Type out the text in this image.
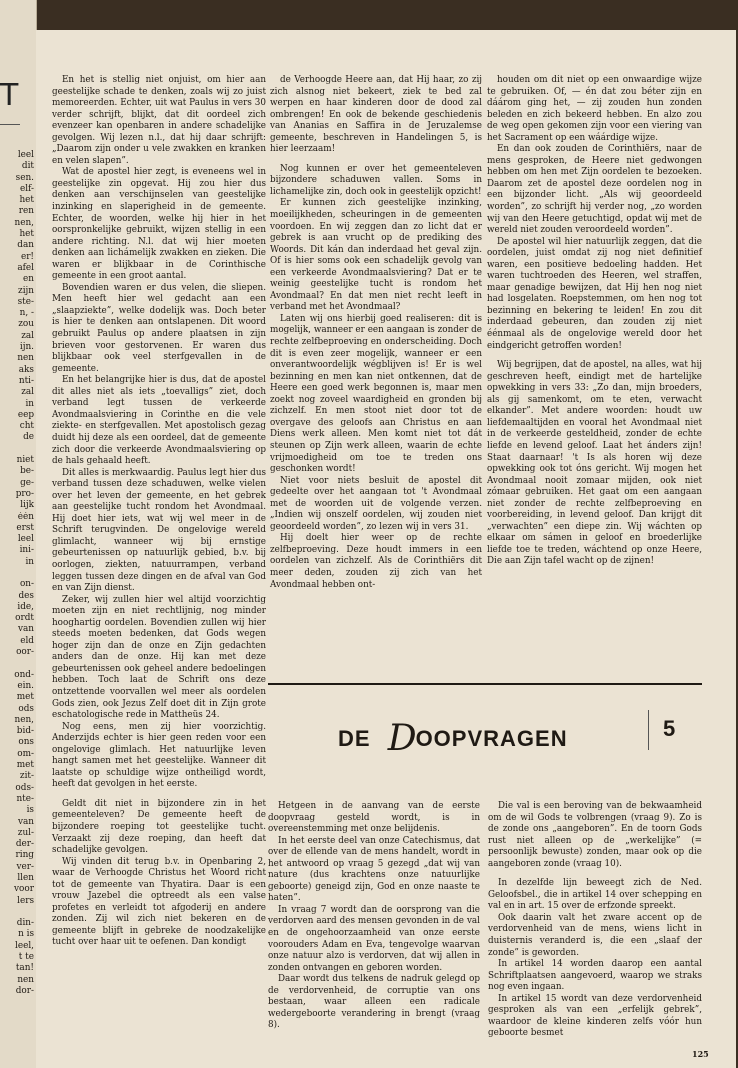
T
leel
dit
sen.
elf-
het
ren
nen,
het
dan
er!
afel
en
zijn
ste-
n, -
zou
zal
ijn.
nen
aks
nti-
zal
in
eep
cht
de

niet
be-
ge-
pro-
lijk
één
erst
leel
ini-
in

on-
des
ide,
ordt
van
eld
oor-

ond-
ein.
met
ods
nen,
bid-
ons
om-
met
zit-
ods-
nte-
is
van
zul-
der-
ring
ver-
llen
voor
lers

din-
n is
leel,
t te
tan!
nen
dor-

En het is stellig niet onjuist, om hier aan geestelijke schade te denken, zoals wij zo juist memoreerden. Echter, uit wat Paulus in vers 30 verder schrijft, blijkt, dat dit oordeel zich evenzeer kan openbaren in andere schadelijke gevolgen. Wij lezen n.l., dat hij daar schrijft: „Daarom zijn onder u vele zwakken en kranken en velen slapen”.

Wat de apostel hier zegt, is eveneens wel in geestelijke zin opgevat. Hij zou hier dus denken aan verschijnselen van geestelijke inzinking en slaperigheid in de gemeente. Echter, de woorden, welke hij hier in het oorspronkelijke gebruikt, wijzen stellig in een andere richting. N.l. dat wij hier moeten denken aan lichámelijk zwakken en zieken. Die waren er blijkbaar in de Corinthische gemeente in een groot aantal.

Bovendien waren er dus velen, die sliepen. Men heeft hier wel gedacht aan een „slaapziekte”, welke dodelijk was. Doch beter is hier te denken aan ontslapenen. Dit woord gebruikt Paulus op andere plaatsen in zijn brieven voor gestorvenen. Er waren dus blijkbaar ook veel sterfgevallen in de gemeente.

En het belangrijke hier is dus, dat de apostel dit alles niet als iets „toevalligs” ziet, doch verband legt tussen de verkeerde Avondmaalsviering in Corinthe en die vele ziekte- en sterfgevallen. Met apostolisch gezag duidt hij deze als een oordeel, dat de gemeente zich door die verkeerde Avondmaalsviering op de hals gehaald heeft.

Dit alles is merkwaardig. Paulus legt hier dus verband tussen deze schaduwen, welke vielen over het leven der gemeente, en het gebrek aan geestelijke tucht rondom het Avondmaal. Hij doet hier iets, wat wij wel meer in de Schrift terugvinden. De ongelovige wereld glimlacht, wanneer wij bij ernstige gebeurtenissen op natuurlijk gebied, b.v. bij oorlogen, ziekten, natuurrampen, verband leggen tussen deze dingen en de afval van God en van Zijn dienst.

Zeker, wij zullen hier wel altijd voorzichtig moeten zijn en niet rechtlijnig, nog minder hooghartig oordelen. Bovendien zullen wij hier steeds moeten bedenken, dat Gods wegen hoger zijn dan de onze en Zijn gedachten anders dan de onze. Hij kan met deze gebeurtenissen ook geheel andere bedoelingen hebben. Toch laat de Schrift ons deze ontzettende voorvallen wel meer als oordelen Gods zien, ook Jezus Zelf doet dit in Zijn grote eschatologische rede in Mattheüs 24.

Nog eens, men zij hier voorzichtig. Anderzijds echter is hier geen reden voor een ongelovige glimlach. Het natuurlijke leven hangt samen met het geestelijke. Wanneer dit laatste op schuldige wijze ontheiligd wordt, heeft dat gevolgen in het eerste.

Geldt dit niet in bijzondere zin in het gemeenteleven? De gemeente heeft de bijzondere roeping tot geestelijke tucht. Verzaakt zij deze roeping, dan heeft dat schadelijke gevolgen.

Wij vinden dit terug b.v. in Openbaring 2, waar de Verhoogde Christus het Woord richt tot de gemeente van Thyatira. Daar is een vrouw Jazebel die optreedt als een valse profetes en verleidt tot afgoderij en andere zonden. Zij wil zich niet bekeren en de gemeente blijft in gebreke de noodzakelijke tucht over haar uit te oefenen. Dan kondigt

de Verhoogde Heere aan, dat Hij haar, zo zij zich alsnog niet bekeert, ziek te bed zal werpen en haar kinderen door de dood zal ombrengen! En ook de bekende geschiedenis van Ananias en Saffira in de Jeruzalemse gemeente, beschreven in Handelingen 5, is hier leerzaam!

Nog kunnen er over het gemeenteleven bijzondere schaduwen vallen. Soms in lichamelijke zin, doch ook in geestelijk opzicht!

Er kunnen zich geestelijke inzinking, moeilijkheden, scheuringen in de gemeenten voordoen. En wij zeggen dan zo licht dat er gebrek is aan vrucht op de prediking des Woords. Dit kán dan inderdaad het geval zijn. Of is hier soms ook een schadelijk gevolg van een verkeerde Avondmaalsviering? Dat er te weinig geestelijke tucht is rondom het Avondmaal? En dat men niet recht leeft in verband met het Avondmaal?

Laten wij ons hierbij goed realiseren: dit is mogelijk, wanneer er een aangaan is zonder de rechte zelfbeproeving en onderscheiding. Doch dit is even zeer mogelijk, wanneer er een onverantwoordelijk wégblijven is! Er is wel bezinning en men kan niet ontkennen, dat de Heere een goed werk begonnen is, maar men zoekt nog zoveel waardigheid en gronden bij zichzelf. En men stoot niet door tot de overgave des geloofs aan Christus en aan Diens werk alleen. Men komt niet tot dát steunen op Zijn werk alleen, waarin de echte vrijmoedigheid om toe te treden ons geschonken wordt!

Niet voor niets besluit de apostel dit gedeelte over het aangaan tot 't Avondmaal met de woorden uit de volgende verzen. „Indien wij onszelf oordelen, wij zouden niet geoordeeld worden”, zo lezen wij in vers 31.

Hij doelt hier weer op de rechte zelfbeproeving. Deze houdt immers in een oordelen van zichzelf. Als de Corinthiërs dit meer deden, zouden zij zich van het Avondmaal hebben ont-

houden om dit niet op een onwaardige wijze te gebruiken. Of, — én dat zou béter zijn en dáárom ging het, — zij zouden hun zonden beleden en zich bekeerd hebben. En alzo zou de weg open gekomen zijn voor een viering van het Sacrament op een wáárdige wijze.

En dan ook zouden de Corinthiërs, naar de mens gesproken, de Heere niet gedwongen hebben om hen met Zijn oordelen te bezoeken. Daarom zet de apostel deze oordelen nog in een bijzonder licht. „Als wij geoordeeld worden”, zo schrijft hij verder nog, „zo worden wij van den Heere getuchtigd, opdat wij met de wereld niet zouden veroordeeld worden”.

De apostel wil hier natuurlijk zeggen, dat die oordelen, juist omdat zij nog niet definitief waren, een positieve bedoeling hadden. Het waren tuchtroeden des Heeren, wel straffen, maar genadige bewijzen, dat Hij hen nog niet had losgelaten. Roepstemmen, om hen nog tot bezinning en bekering te leiden! En zou dit inderdaad gebeuren, dan zouden zij niet éénmaal als de ongelovige wereld door het eindgericht getroffen worden!

Wij begrijpen, dat de apostel, na alles, wat hij geschreven heeft, eindigt met de hartelijke opwekking in vers 33: „Zo dan, mijn broeders, als gij samenkomt, om te eten, verwacht elkander”. Met andere woorden: houdt uw liefdemaaltijden en vooral het Avondmaal niet in de verkeerde gesteldheid, zonder de echte liefde en levend geloof. Laat het ánders zijn! Staat daarnaar! 't Is als horen wij deze opwekking ook tot óns gericht. Wij mogen het Avondmaal nooit zomaar mijden, ook niet zómaar gebruiken. Het gaat om een aangaan niet zonder de rechte zelfbeproeving en voorbereiding, in levend geloof. Dan krijgt dit „verwachten” een diepe zin. Wij wáchten op elkaar om sámen in geloof en broederlijke liefde toe te treden, wáchtend op onze Heere, Die aan Zijn tafel wacht op de zijnen!

DE DOOPVRAGEN	5

Hetgeen in de aanvang van de eerste doopvraag gesteld wordt, is in overeenstemming met onze belijdenis.

In het eerste deel van onze Catechismus, dat over de ellende van de mens handelt, wordt in het antwoord op vraag 5 gezegd „dat wij van nature (dus krachtens onze natuurlijke geboorte) geneigd zijn, God en onze naaste te haten”.

In vraag 7 wordt dan de oorsprong van die verdorven aard des mensen gevonden in de val en de ongehoorzaamheid van onze eerste voorouders Adam en Eva, tengevolge waarvan onze natuur alzo is verdorven, dat wij allen in zonden ontvangen en geboren worden.

Daar wordt dus telkens de nadruk gelegd op de verdorvenheid, de corruptie van ons bestaan, waar alleen een radicale wedergeboorte verandering in brengt (vraag 8).

Die val is een beroving van de bekwaamheid om de wil Gods te volbrengen (vraag 9). Zo is de zonde ons „aangeboren”. En de toorn Gods rust niet alleen op de „werkelijke” (= persoonlijk bewuste) zonden, maar ook op die aangeboren zonde (vraag 10).

In dezelfde lijn beweegt zich de Ned. Geloofsbel., die in artikel 14 over schepping en val en in art. 15 over de erfzonde spreekt.

Ook daarin valt het zware accent op de verdorvenheid van de mens, wiens licht in duisternis veranderd is, die een „slaaf der zonde” is geworden.

In artikel 14 worden daarop een aantal Schriftplaatsen aangevoerd, waarop we straks nog even ingaan.

In artikel 15 wordt van deze verdorvenheid gesproken als van een „erfelijk gebrek”, waardoor de kleine kinderen zelfs vóór hun geboorte besmet

125
